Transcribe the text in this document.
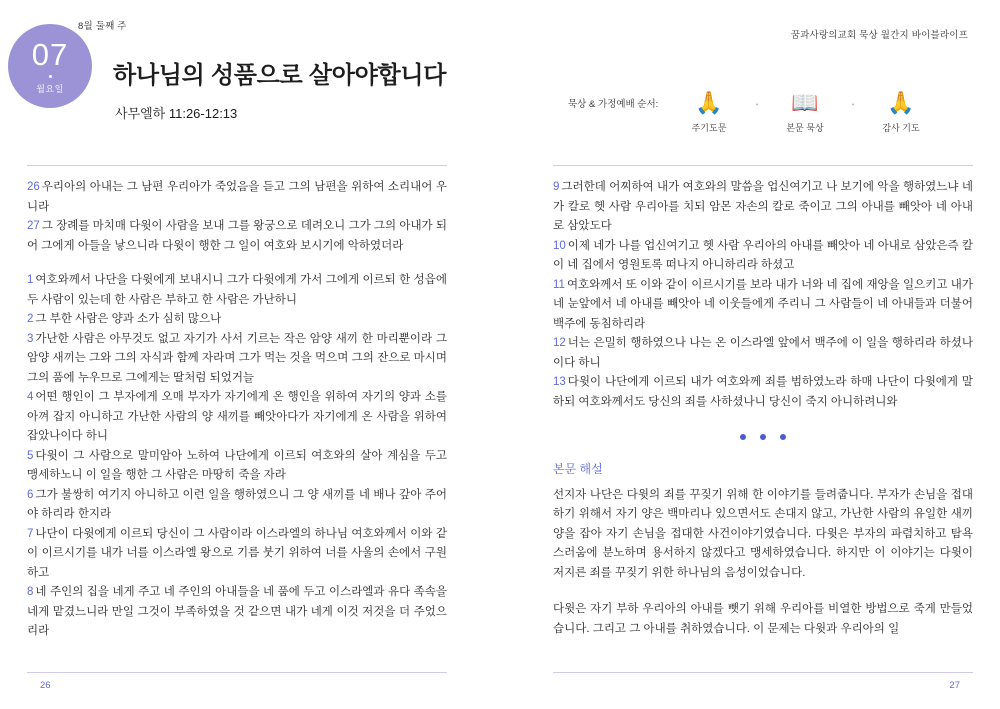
8월 둘째 주
꿈과사랑의교회 묵상 월간지 바이블라이프
07
월요일 하나님의 성품으로 살아야합니다
사무엘하 11:26-12:13
묵상 & 가정예배 순서:	🙏
주기도문
•	📖
본문 묵상
•	🙏
감사 기도

26 우리아의 아내는 그 남편 우리아가 죽었음을 듣고 그의 남편을 위하여 소리내어 우니라

27 그 장례를 마치매 다윗이 사람을 보내 그를 왕궁으로 데려오니 그가 그의 아내가 되어 그에게 아들을 낳으니라 다윗이 행한 그 일이 여호와 보시기에 악하였더라

1 여호와께서 나단을 다윗에게 보내시니 그가 다윗에게 가서 그에게 이르되 한 성읍에 두 사람이 있는데 한 사람은 부하고 한 사람은 가난하니

2 그 부한 사람은 양과 소가 심히 많으나

3 가난한 사람은 아무것도 없고 자기가 사서 기르는 작은 암양 새끼 한 마리뿐이라 그 암양 새끼는 그와 그의 자식과 함께 자라며 그가 먹는 것을 먹으며 그의 잔으로 마시며 그의 품에 누우므로 그에게는 딸처럼 되었거늘

4 어떤 행인이 그 부자에게 오매 부자가 자기에게 온 행인을 위하여 자기의 양과 소를 아껴 잡지 아니하고 가난한 사람의 양 새끼를 빼앗아다가 자기에게 온 사람을 위하여 잡았나이다 하니

5 다윗이 그 사람으로 말미암아 노하여 나단에게 이르되 여호와의 살아 계심을 두고 맹세하노니 이 일을 행한 그 사람은 마땅히 죽을 자라

6 그가 불쌍히 여기지 아니하고 이런 일을 행하였으니 그 양 새끼를 네 배나 갚아 주어야 하리라 한지라

7 나단이 다윗에게 이르되 당신이 그 사람이라 이스라엘의 하나님 여호와께서 이와 같이 이르시기를 내가 너를 이스라엘 왕으로 기름 붓기 위하여 너를 사울의 손에서 구원하고

8 네 주인의 집을 네게 주고 네 주인의 아내들을 네 품에 두고 이스라엘과 유다 족속을 네게 맡겼느니라 만일 그것이 부족하였을 것 같으면 내가 네게 이것 저것을 더 주었으리라

9 그러한데 어찌하여 내가 여호와의 말씀을 업신여기고 나 보기에 악을 행하였느냐 네가 칼로 헷 사람 우리아를 치되 암몬 자손의 칼로 죽이고 그의 아내를 빼앗아 네 아내로 삼았도다

10 이제 네가 나를 업신여기고 헷 사람 우리아의 아내를 빼앗아 네 아내로 삼았은즉 칼이 네 집에서 영원토록 떠나지 아니하리라 하셨고

11 여호와께서 또 이와 같이 이르시기를 보라 내가 너와 네 집에 재앙을 일으키고 내가 네 눈앞에서 네 아내를 빼앗아 네 이웃들에게 주리니 그 사람들이 네 아내들과 더불어 백주에 동침하리라

12 너는 은밀히 행하였으나 나는 온 이스라엘 앞에서 백주에 이 일을 행하리라 하셨나이다 하니

13 다윗이 나단에게 이르되 내가 여호와께 죄를 범하였노라 하매 나단이 다윗에게 말하되 여호와께서도 당신의 죄를 사하셨나니 당신이 죽지 아니하려니와

본문 해설

선지자 나단은 다윗의 죄를 꾸짖기 위해 한 이야기를 들려줍니다. 부자가 손님을 접대하기 위해서 자기 양은 백마리나 있으면서도 손대지 않고, 가난한 사람의 유일한 새끼 양을 잡아 자기 손님을 접대한 사건이야기였습니다. 다윗은 부자의 파렴치하고 탐욕스러움에 분노하며 용서하지 않겠다고 맹세하였습니다. 하지만 이 이야기는 다윗이 저지른 죄를 꾸짖기 위한 하나님의 음성이었습니다.

다윗은 자기 부하 우리아의 아내를 뺏기 위해 우리아를 비열한 방법으로 죽게 만들었습니다. 그리고 그 아내를 취하였습니다. 이 문제는 다윗과 우리아의 일

26	27
